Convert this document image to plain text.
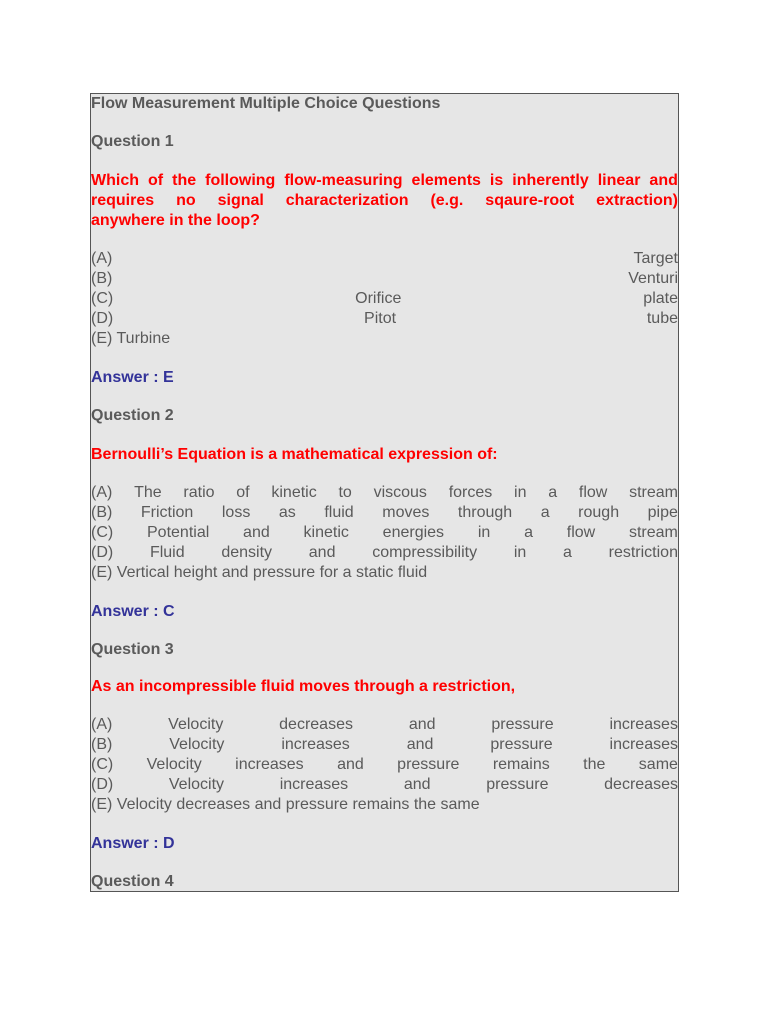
Flow Measurement Multiple Choice Questions
Question 1
Which of the following flow-measuring elements is inherently linear and
requires no signal characterization (e.g. sqaure-root extraction)
anywhere in the loop?
(A)	Target
(B)	Venturi
(C)	Orifice	plate
(D)	Pitot	tube
(E) Turbine
Answer : E
Question 2
Bernoulli’s Equation is a mathematical expression of:
(A) The ratio of kinetic to viscous forces in a flow stream
(B) Friction loss as fluid moves through a rough pipe
(C) Potential and kinetic energies in a flow stream
(D) Fluid density and compressibility in a restriction
(E) Vertical height and pressure for a static fluid
Answer : C
Question 3
As an incompressible fluid moves through a restriction,
(A)	Velocity	decreases	and	pressure	increases
(B)	Velocity	increases	and	pressure	increases
(C) Velocity increases and pressure remains the same
(D)	Velocity	increases	and	pressure	decreases
(E) Velocity decreases and pressure remains the same
Answer : D
Question 4
